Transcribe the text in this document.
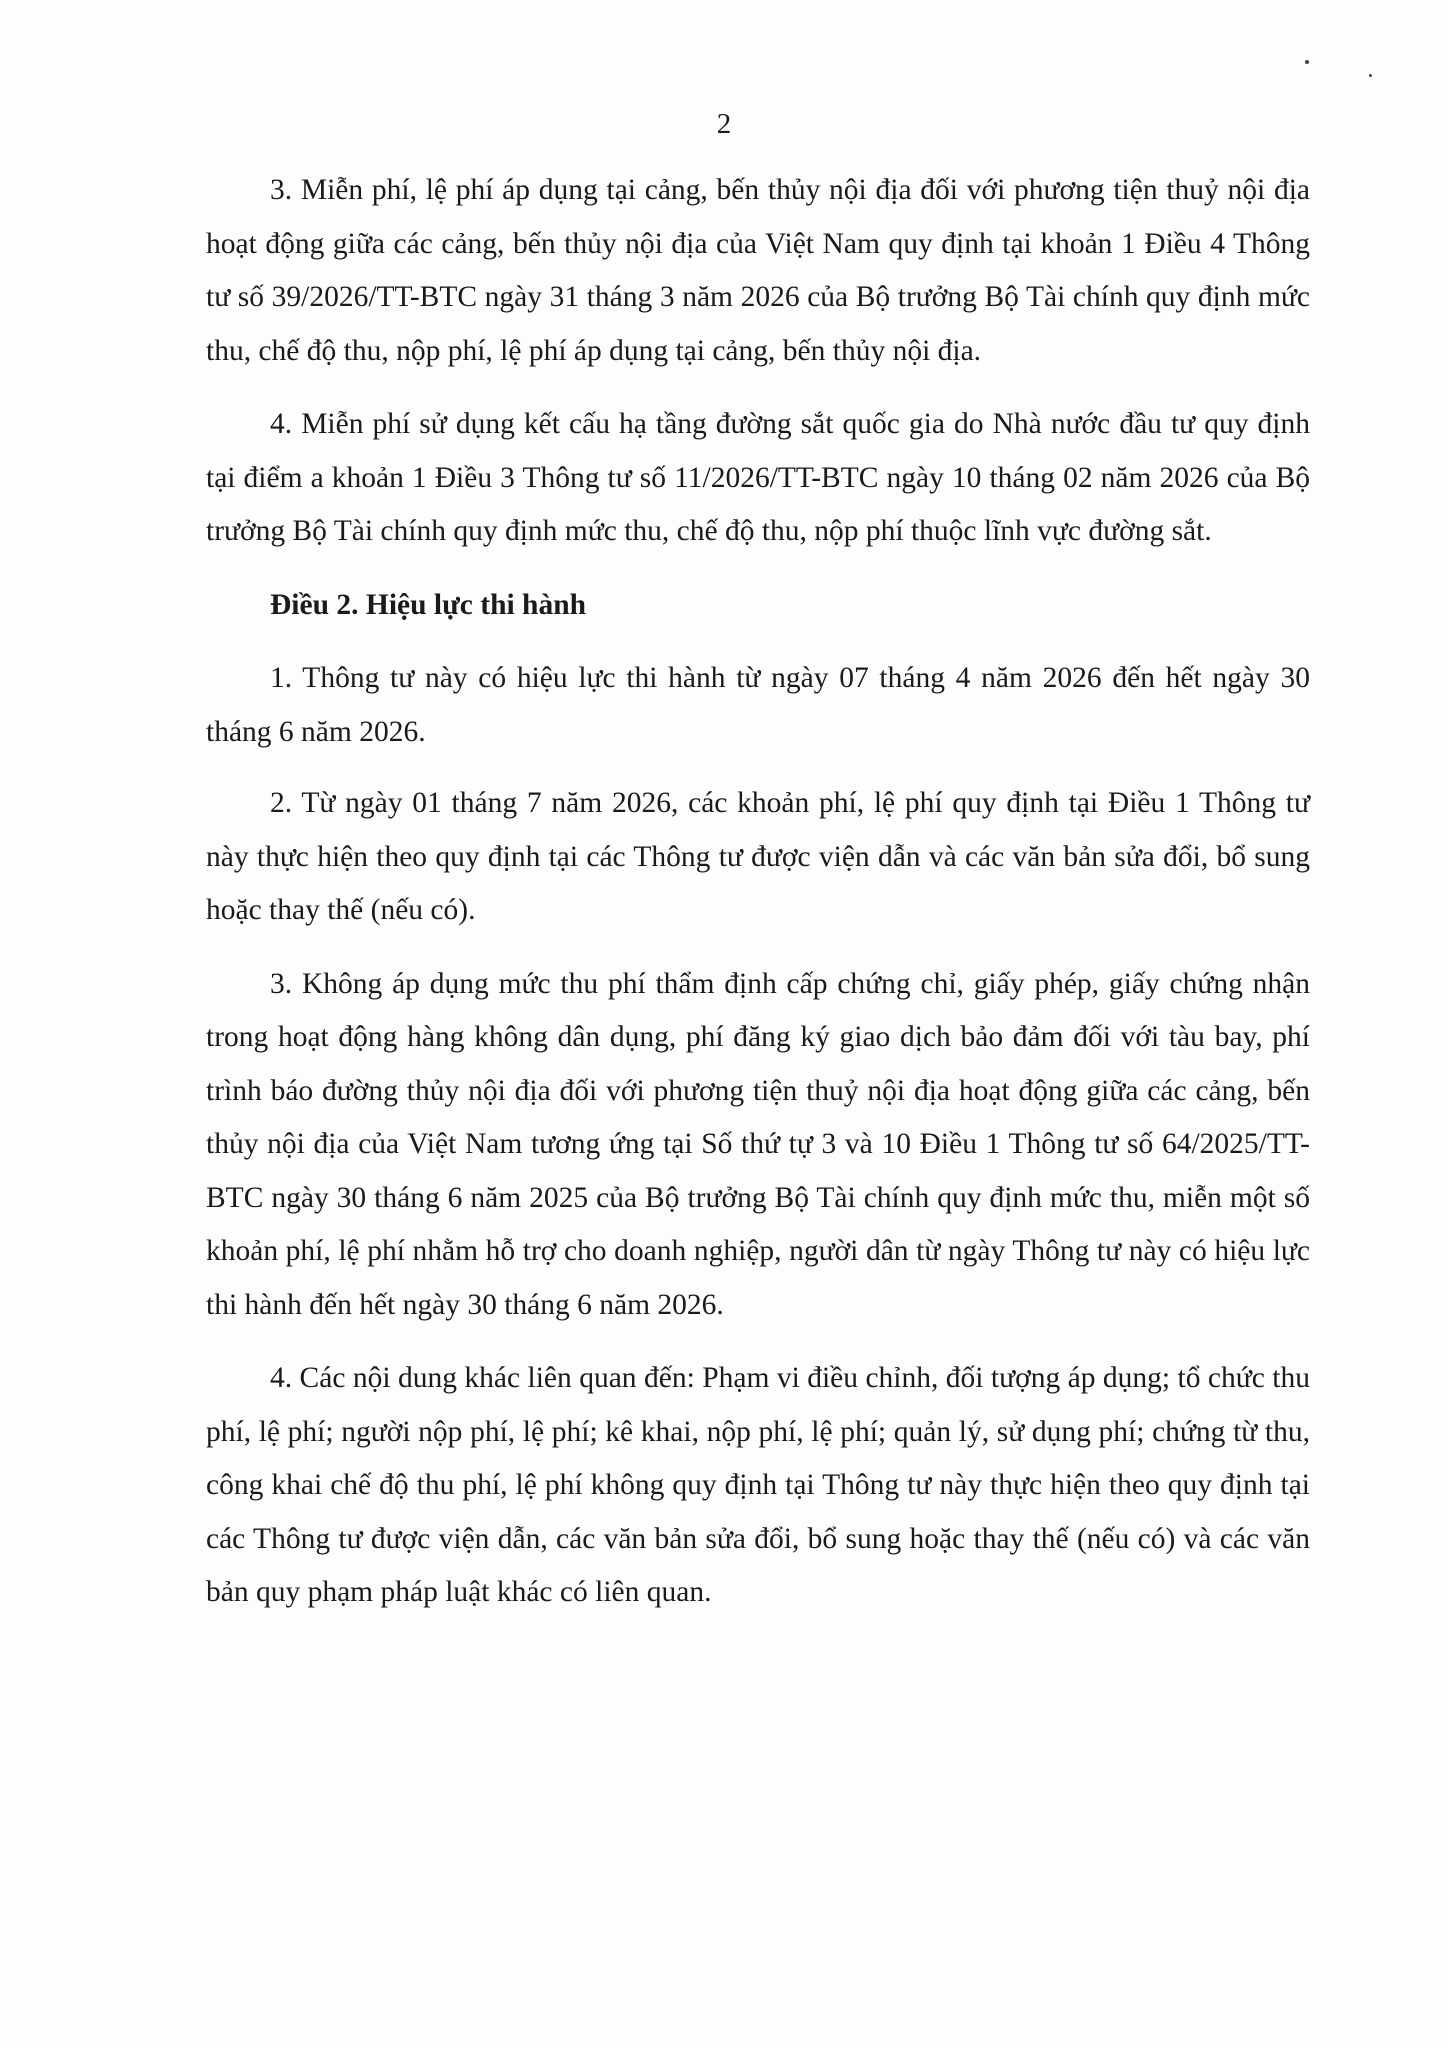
2

3. Miễn phí, lệ phí áp dụng tại cảng, bến thủy nội địa đối với phương tiện thuỷ nội địa hoạt động giữa các cảng, bến thủy nội địa của Việt Nam quy định tại khoản 1 Điều 4 Thông tư số 39/2026/TT-BTC ngày 31 tháng 3 năm 2026 của Bộ trưởng Bộ Tài chính quy định mức thu, chế độ thu, nộp phí, lệ phí áp dụng tại cảng, bến thủy nội địa.

4. Miễn phí sử dụng kết cấu hạ tầng đường sắt quốc gia do Nhà nước đầu tư quy định tại điểm a khoản 1 Điều 3 Thông tư số 11/2026/TT-BTC ngày 10 tháng 02 năm 2026 của Bộ trưởng Bộ Tài chính quy định mức thu, chế độ thu, nộp phí thuộc lĩnh vực đường sắt.

Điều 2. Hiệu lực thi hành

1. Thông tư này có hiệu lực thi hành từ ngày 07 tháng 4 năm 2026 đến hết ngày 30 tháng 6 năm 2026.

2. Từ ngày 01 tháng 7 năm 2026, các khoản phí, lệ phí quy định tại Điều 1 Thông tư này thực hiện theo quy định tại các Thông tư được viện dẫn và các văn bản sửa đổi, bổ sung hoặc thay thế (nếu có).

3. Không áp dụng mức thu phí thẩm định cấp chứng chỉ, giấy phép, giấy chứng nhận trong hoạt động hàng không dân dụng, phí đăng ký giao dịch bảo đảm đối với tàu bay, phí trình báo đường thủy nội địa đối với phương tiện thuỷ nội địa hoạt động giữa các cảng, bến thủy nội địa của Việt Nam tương ứng tại Số thứ tự 3 và 10 Điều 1 Thông tư số 64/2025/TT-BTC ngày 30 tháng 6 năm 2025 của Bộ trưởng Bộ Tài chính quy định mức thu, miễn một số khoản phí, lệ phí nhằm hỗ trợ cho doanh nghiệp, người dân từ ngày Thông tư này có hiệu lực thi hành đến hết ngày 30 tháng 6 năm 2026.

4. Các nội dung khác liên quan đến: Phạm vi điều chỉnh, đối tượng áp dụng; tổ chức thu phí, lệ phí; người nộp phí, lệ phí; kê khai, nộp phí, lệ phí; quản lý, sử dụng phí; chứng từ thu, công khai chế độ thu phí, lệ phí không quy định tại Thông tư này thực hiện theo quy định tại các Thông tư được viện dẫn, các văn bản sửa đổi, bổ sung hoặc thay thế (nếu có) và các văn bản quy phạm pháp luật khác có liên quan.
